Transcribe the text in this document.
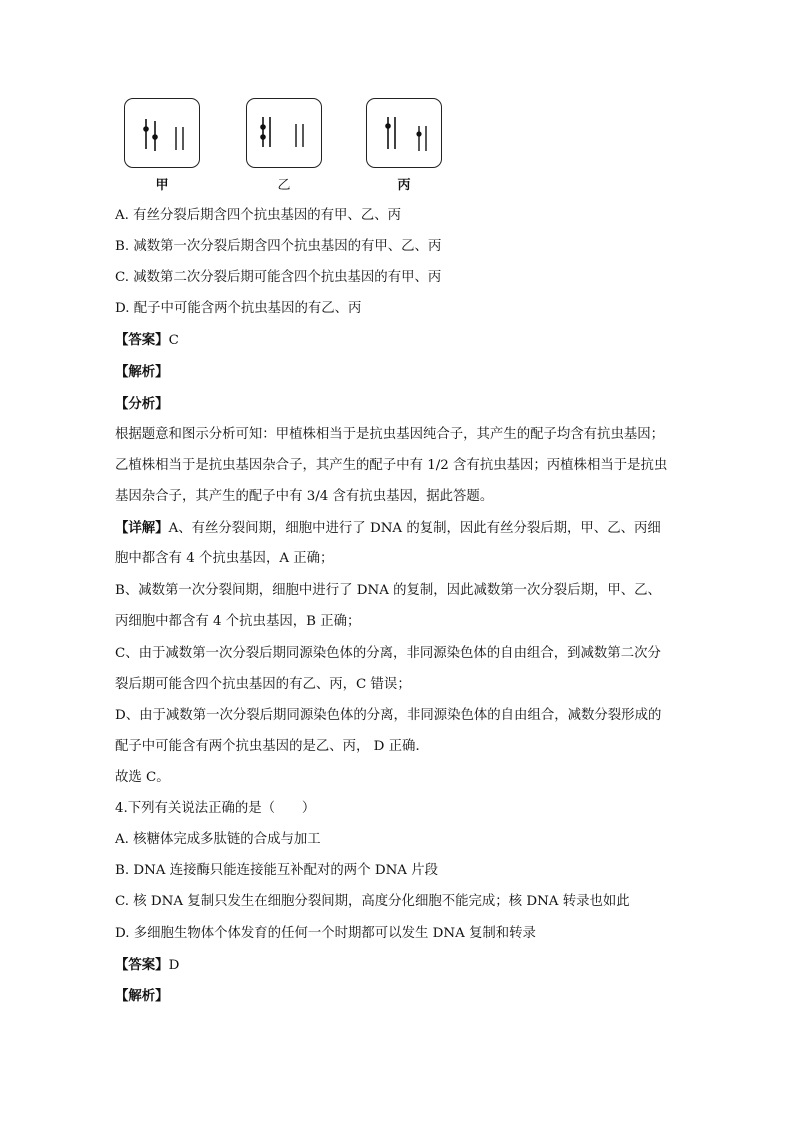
甲	乙	丙
A. 有丝分裂后期含四个抗虫基因的有甲、乙、丙
B. 减数第一次分裂后期含四个抗虫基因的有甲、乙、丙
C. 减数第二次分裂后期可能含四个抗虫基因的有甲、丙
D. 配子中可能含两个抗虫基因的有乙、丙
【答案】C
【解析】
【分析】
根据题意和图示分析可知：甲植株相当于是抗虫基因纯合子，其产生的配子均含有抗虫基因；
乙植株相当于是抗虫基因杂合子，其产生的配子中有 1/2 含有抗虫基因；丙植株相当于是抗虫
基因杂合子，其产生的配子中有 3/4 含有抗虫基因，据此答题。
【详解】A、有丝分裂间期，细胞中进行了 DNA 的复制，因此有丝分裂后期，甲、乙、丙细
胞中都含有 4 个抗虫基因，A 正确；
B、减数第一次分裂间期，细胞中进行了 DNA 的复制，因此减数第一次分裂后期，甲、乙、
丙细胞中都含有 4 个抗虫基因，B 正确；
C、由于减数第一次分裂后期同源染色体的分离，非同源染色体的自由组合，到减数第二次分
裂后期可能含四个抗虫基因的有乙、丙，C 错误；
D、由于减数第一次分裂后期同源染色体的分离，非同源染色体的自由组合，减数分裂形成的
配子中可能含有两个抗虫基因的是乙、丙， D 正确．
故选 C。
4.下列有关说法正确的是（　　）
A. 核糖体完成多肽链的合成与加工
B. DNA 连接酶只能连接能互补配对的两个 DNA 片段
C. 核 DNA 复制只发生在细胞分裂间期，高度分化细胞不能完成；核 DNA 转录也如此
D. 多细胞生物体个体发育的任何一个时期都可以发生 DNA 复制和转录
【答案】D
【解析】
